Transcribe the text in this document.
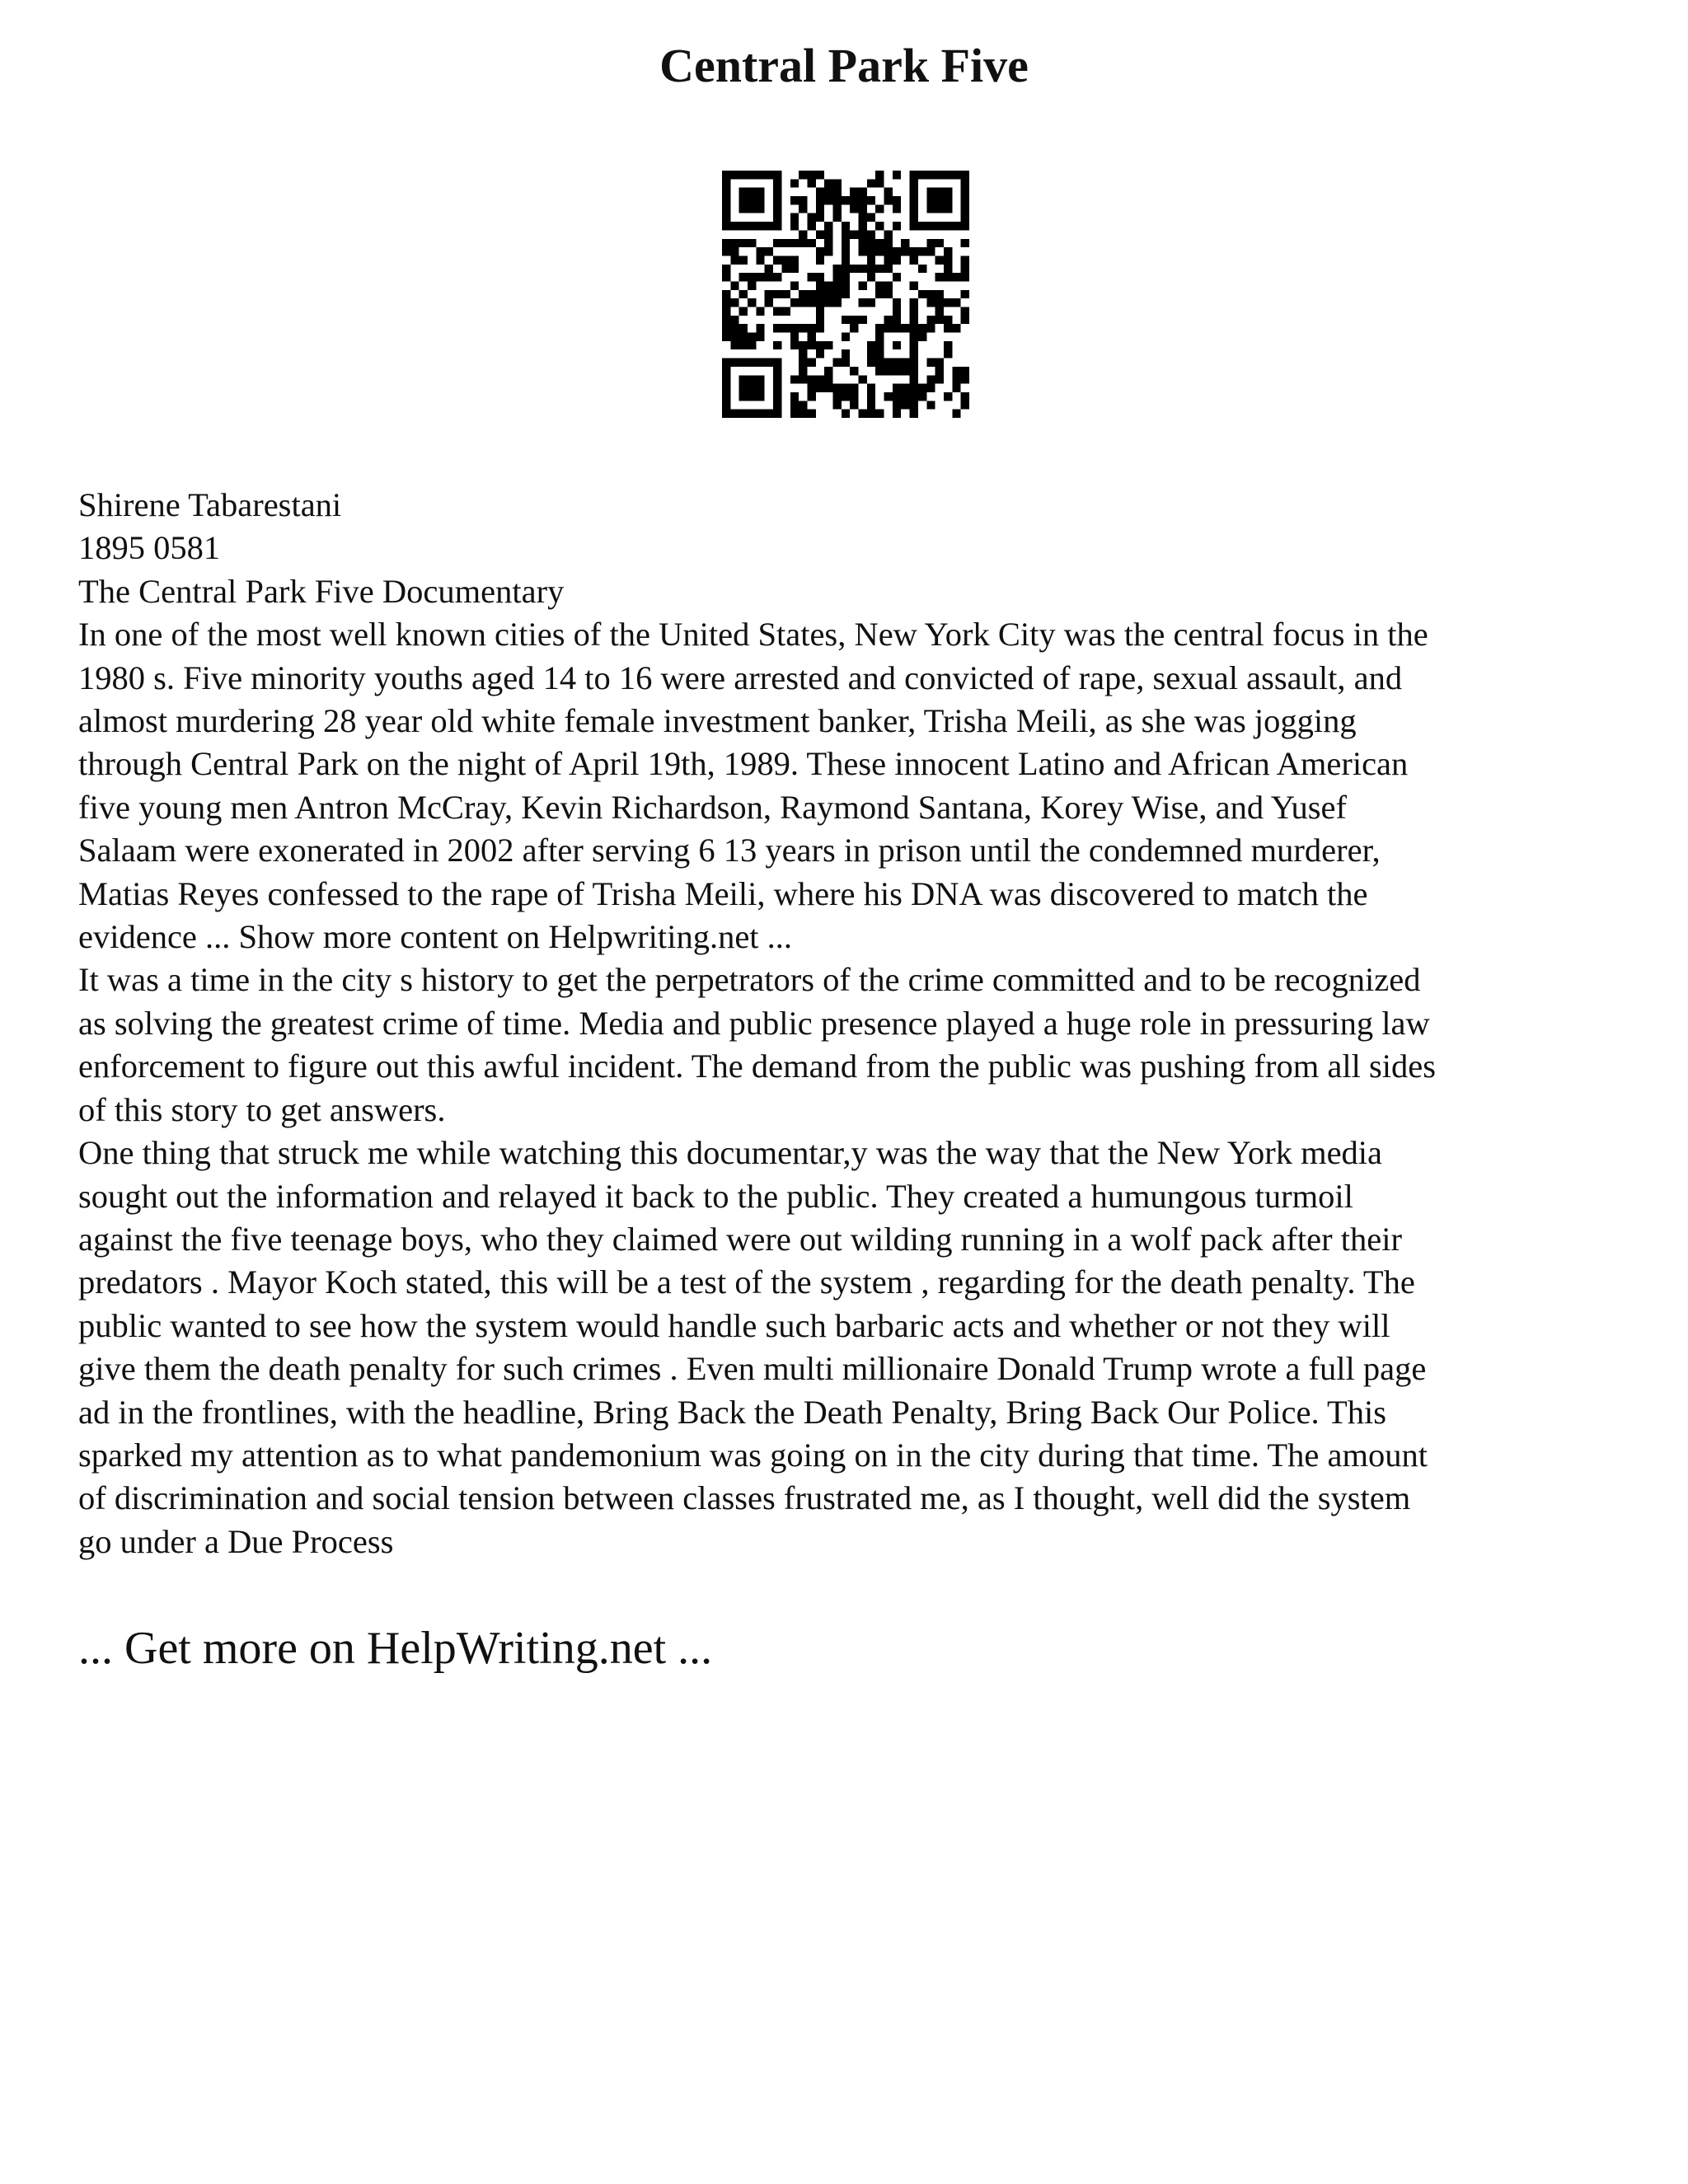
Central Park Five
Shirene Tabarestani
1895 0581
The Central Park Five Documentary
In one of the most well known cities of the United States, New York City was the central focus in the
1980 s. Five minority youths aged 14 to 16 were arrested and convicted of rape, sexual assault, and
almost murdering 28 year old white female investment banker, Trisha Meili, as she was jogging
through Central Park on the night of April 19th, 1989. These innocent Latino and African American
five young men Antron McCray, Kevin Richardson, Raymond Santana, Korey Wise, and Yusef
Salaam were exonerated in 2002 after serving 6 13 years in prison until the condemned murderer,
Matias Reyes confessed to the rape of Trisha Meili, where his DNA was discovered to match the
evidence ... Show more content on Helpwriting.net ...
It was a time in the city s history to get the perpetrators of the crime committed and to be recognized
as solving the greatest crime of time. Media and public presence played a huge role in pressuring law
enforcement to figure out this awful incident. The demand from the public was pushing from all sides
of this story to get answers.
One thing that struck me while watching this documentar,y was the way that the New York media
sought out the information and relayed it back to the public. They created a humungous turmoil
against the five teenage boys, who they claimed were out wilding running in a wolf pack after their
predators . Mayor Koch stated, this will be a test of the system , regarding for the death penalty. The
public wanted to see how the system would handle such barbaric acts and whether or not they will
give them the death penalty for such crimes . Even multi millionaire Donald Trump wrote a full page
ad in the frontlines, with the headline, Bring Back the Death Penalty, Bring Back Our Police. This
sparked my attention as to what pandemonium was going on in the city during that time. The amount
of discrimination and social tension between classes frustrated me, as I thought, well did the system
go under a Due Process
... Get more on HelpWriting.net ...
